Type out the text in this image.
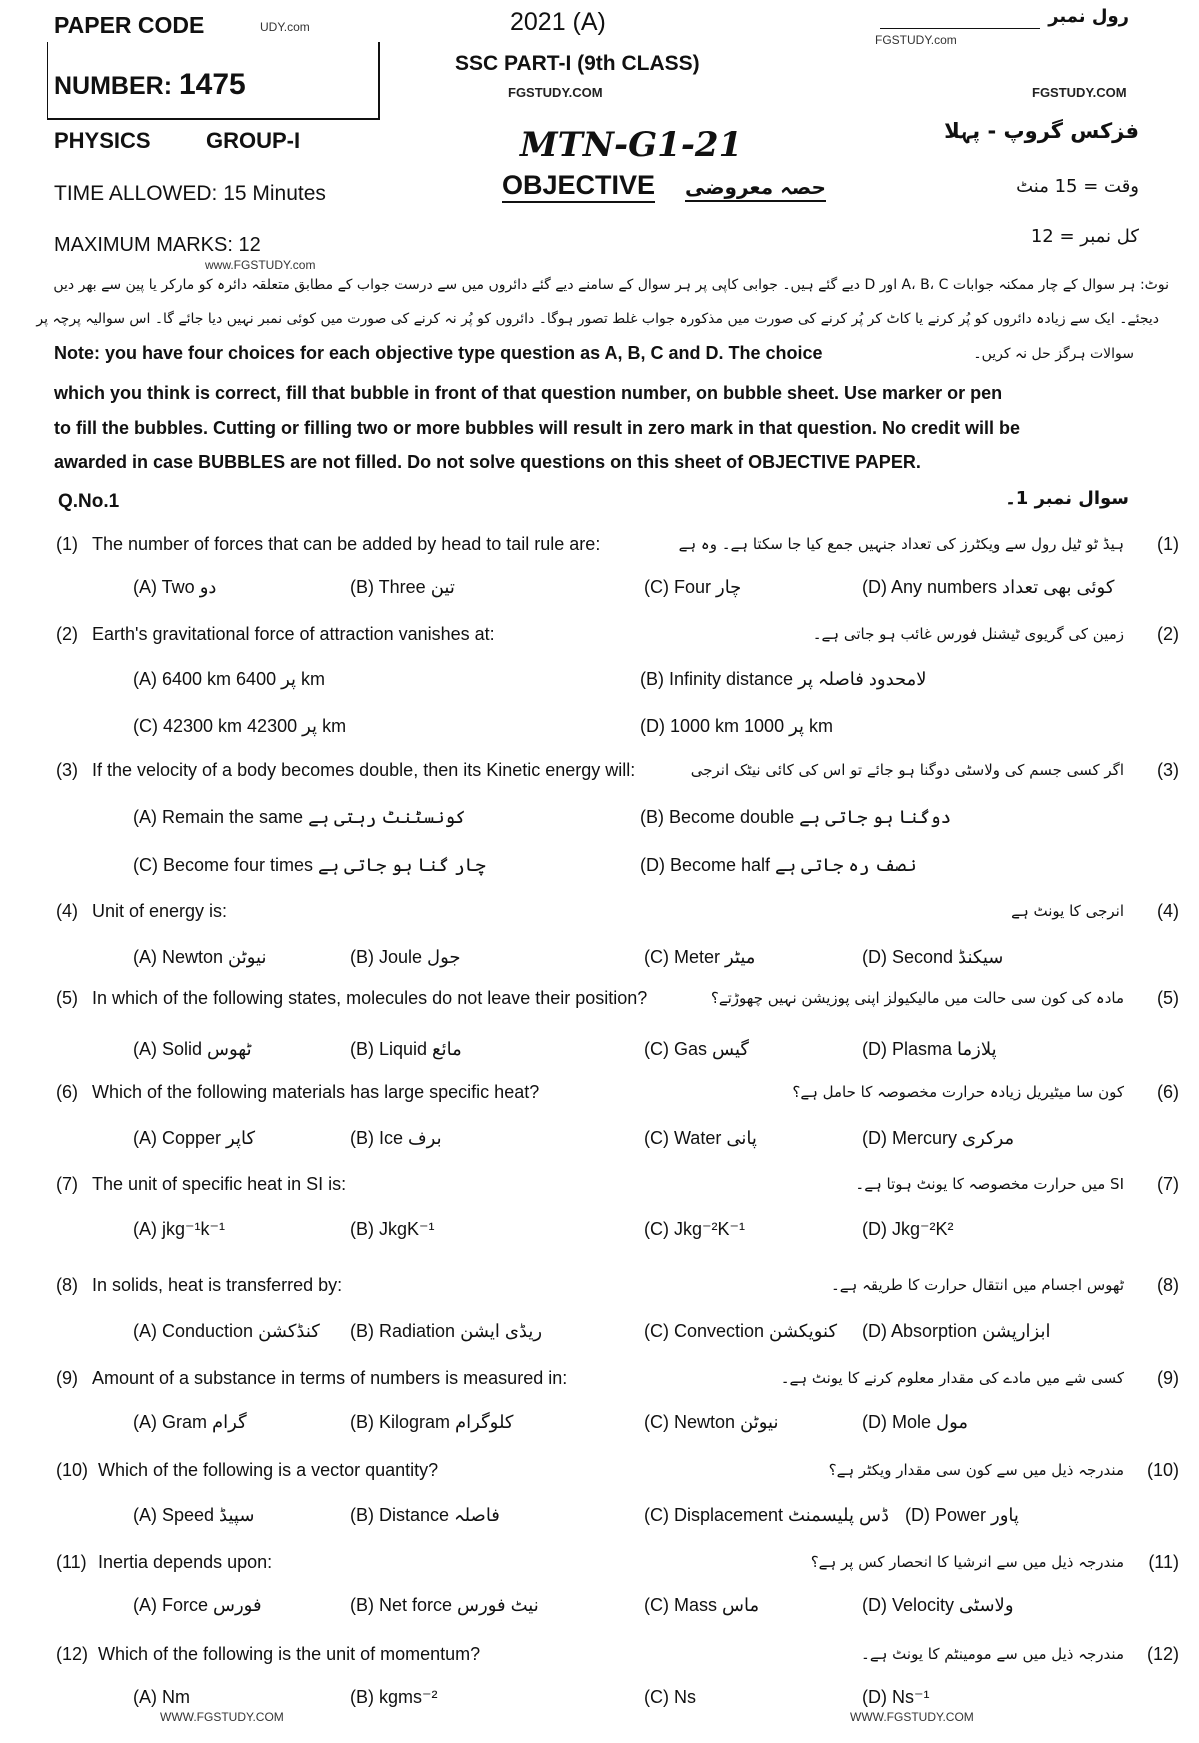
PAPER CODE	UDY.com
NUMBER: 1475
2021 (A)
SSC PART-I (9th CLASS)
FGSTUDY.COM
MTN-G1-21
OBJECTIVE حصہ معروضی
PHYSICS	GROUP-I
TIME ALLOWED: 15 Minutes
MAXIMUM MARKS: 12
www.FGSTUDY.com
رول نمبر
FGSTUDY.com
FGSTUDY.COM
فزکس گروپ - پہلا
وقت = 15 منٹ
کل نمبر = 12
نوٹ: ہر سوال کے چار ممکنہ جوابات A، B، C اور D دیے گئے ہیں۔ جوابی کاپی پر ہر سوال کے سامنے دیے گئے دائروں میں سے درست جواب کے مطابق متعلقہ دائرہ کو مارکر یا پین سے بھر دیں
دیجئے۔ ایک سے زیادہ دائروں کو پُر کرنے یا کاٹ کر پُر کرنے کی صورت میں مذکورہ جواب غلط تصور ہوگا۔ دائروں کو پُر نہ کرنے کی صورت میں کوئی نمبر نہیں دیا جائے گا۔ اس سوالیہ پرچہ پر
سوالات ہرگز حل نہ کریں۔
Note: you have four choices for each objective type question as A, B, C and D. The choice
which you think is correct, fill that bubble in front of that question number, on bubble sheet. Use marker or pen
to fill the bubbles. Cutting or filling two or more bubbles will result in zero mark in that question. No credit will be
awarded in case BUBBLES are not filled. Do not solve questions on this sheet of OBJECTIVE PAPER.
Q.No.1	سوال نمبر 1۔
(1) The number of forces that can be added by head to tail rule are:	ہیڈ ٹو ٹیل رول سے ویکٹرز کی تعداد جنہیں جمع کیا جا سکتا ہے۔ وہ ہے (1)
(A) Two دو	(B) Three تین	(C) Four چار	(D) Any numbers کوئی بھی تعداد
(2) Earth's gravitational force of attraction vanishes at:	زمین کی گریوی ٹیشنل فورس غائب ہو جاتی ہے۔ (2)
(A) 6400 km پر 6400 km	(B) Infinity distance لامحدود فاصلہ پر
(C) 42300 km پر 42300 km	(D) 1000 km پر 1000 km
(3) If the velocity of a body becomes double, then its Kinetic energy will:	اگر کسی جسم کی ولاسٹی دوگنا ہو جائے تو اس کی کائی نیٹک انرجی (3)
(A) Remain the same کونسٹنٹ رہتی ہے	(B) Become double دوگنا ہو جاتی ہے
(C) Become four times چار گنا ہو جاتی ہے	(D) Become half نصف رہ جاتی ہے
(4) Unit of energy is:	انرجی کا یونٹ ہے (4)
(A) Newton نیوٹن	(B) Joule جول	(C) Meter میٹر	(D) Second سیکنڈ
(5) In which of the following states, molecules do not leave their position?	مادہ کی کون سی حالت میں مالیکیولز اپنی پوزیشن نہیں چھوڑتے؟ (5)
(A) Solid ٹھوس	(B) Liquid مائع	(C) Gas گیس	(D) Plasma پلازما
(6) Which of the following materials has large specific heat?	کون سا میٹیریل زیادہ حرارت مخصوصہ کا حامل ہے؟ (6)
(A) Copper کاپر	(B) Ice برف	(C) Water پانی	(D) Mercury مرکری
(7) The unit of specific heat in SI is:	SI میں حرارت مخصوصہ کا یونٹ ہوتا ہے۔ (7)
(A) jkg⁻¹k⁻¹	(B) JkgK⁻¹	(C) Jkg⁻²K⁻¹	(D) Jkg⁻²K²
(8) In solids, heat is transferred by:	ٹھوس اجسام میں انتقال حرارت کا طریقہ ہے۔ (8)
(A) Conduction کنڈکشن (B) Radiation ریڈی ایشن	(C) Convection کنویکشن (D) Absorption ابزارپشن
(9) Amount of a substance in terms of numbers is measured in:	کسی شے میں مادے کی مقدار معلوم کرنے کا یونٹ ہے۔ (9)
(A) Gram گرام	(B) Kilogram کلوگرام	(C) Newton نیوٹن	(D) Mole مول
(10) Which of the following is a vector quantity?	مندرجہ ذیل میں سے کون سی مقدار ویکٹر ہے؟ (10)
(A) Speed سپیڈ	(B) Distance فاصلہ	(C) Displacement ڈس پلیسمنٹ (D) Power پاور
(11) Inertia depends upon:	مندرجہ ذیل میں سے انرشیا کا انحصار کس پر ہے؟ (11)
(A) Force فورس	(B) Net force نیٹ فورس	(C) Mass ماس	(D) Velocity ولاسٹی
(12) Which of the following is the unit of momentum?	مندرجہ ذیل میں سے مومینٹم کا یونٹ ہے۔ (12)
(A) Nm	(B) kgms⁻²	(C) Ns	(D) Ns⁻¹
WWW.FGSTUDY.COM	WWW.FGSTUDY.COM
